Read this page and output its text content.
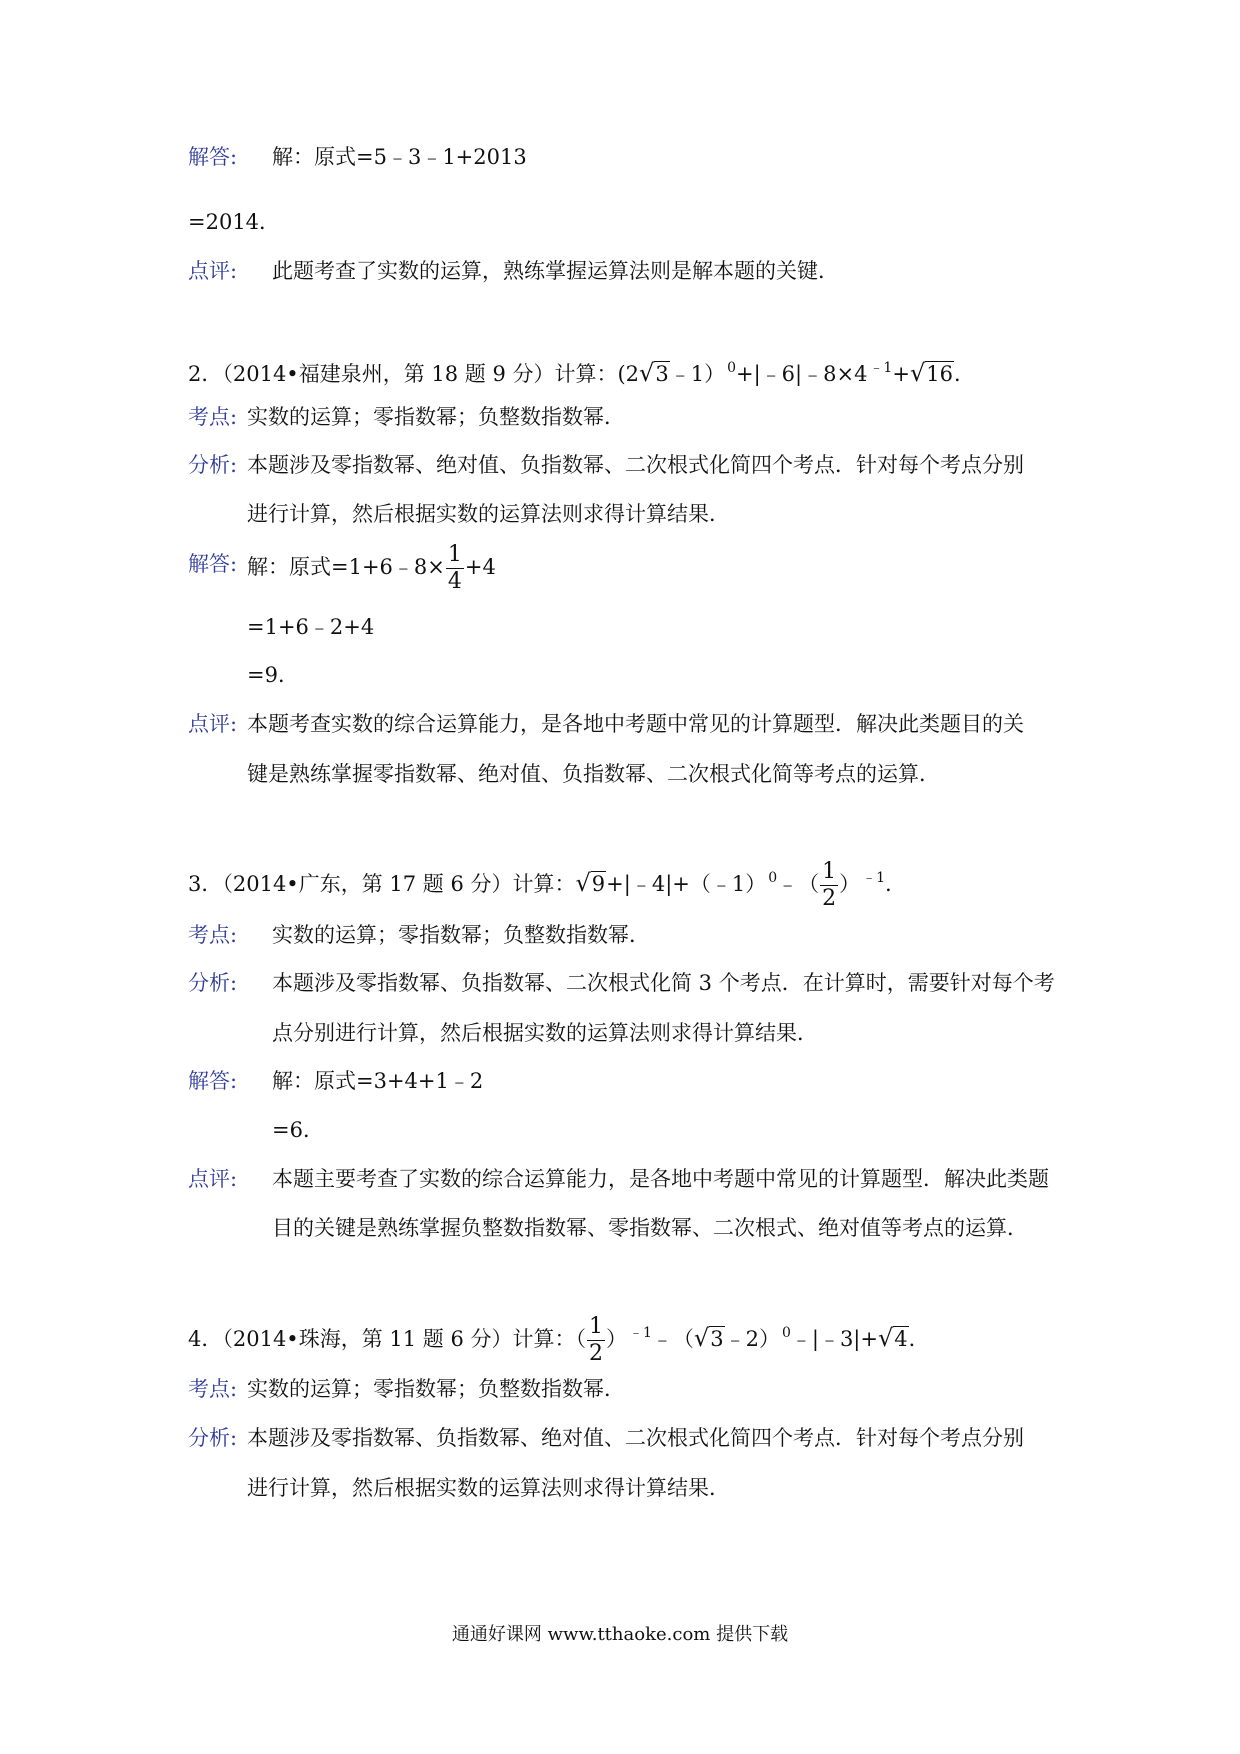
解答: 解：原式=5﹣3﹣1+2013
=2014．
点评: 此题考查了实数的运算，熟练掌握运算法则是解本题的关键．
2．（2014•福建泉州，第 18 题 9 分）计算：(2√3﹣1） $^0$+|﹣6|﹣8×4 $^{﹣1}$+√16．
考点: 实数的运算；零指数幂；负整数指数幂．
分析: 本题涉及零指数幂、绝对值、负指数幂、二次根式化简四个考点．针对每个考点分别
进行计算，然后根据实数的运算法则求得计算结果．
解答: 解：原式=1+6﹣8× $\frac{1}{4} +4$
=1+6﹣2+4
=9．
点评: 本题考查实数的综合运算能力，是各地中考题中常见的计算题型．解决此类题目的关
键是熟练掌握零指数幂、绝对值、负指数幂、二次根式化简等考点的运算．
3．（2014•广东，第 17 题 6 分）计算：√9+|﹣4|+（﹣1） $^0$﹣（ $\frac{1}{2}$ ） $^{﹣1}$．
考点: 实数的运算；零指数幂；负整数指数幂．
分析: 本题涉及零指数幂、负指数幂、二次根式化简 3 个考点．在计算时，需要针对每个考
点分别进行计算，然后根据实数的运算法则求得计算结果．
解答: 解：原式=3+4+1﹣2
=6．
点评: 本题主要考查了实数的综合运算能力，是各地中考题中常见的计算题型．解决此类题
目的关键是熟练掌握负整数指数幂、零指数幂、二次根式、绝对值等考点的运算．
4．（2014•珠海，第 11 题 6 分）计算：（ $\frac{1}{2}$ ） $^{﹣1}$﹣（√3﹣2） $^0$﹣|﹣3|+√4．
考点: 实数的运算；零指数幂；负整数指数幂．
分析: 本题涉及零指数幂、负指数幂、绝对值、二次根式化简四个考点．针对每个考点分别
进行计算，然后根据实数的运算法则求得计算结果．
通通好课网 www.tthaoke.com 提供下载
